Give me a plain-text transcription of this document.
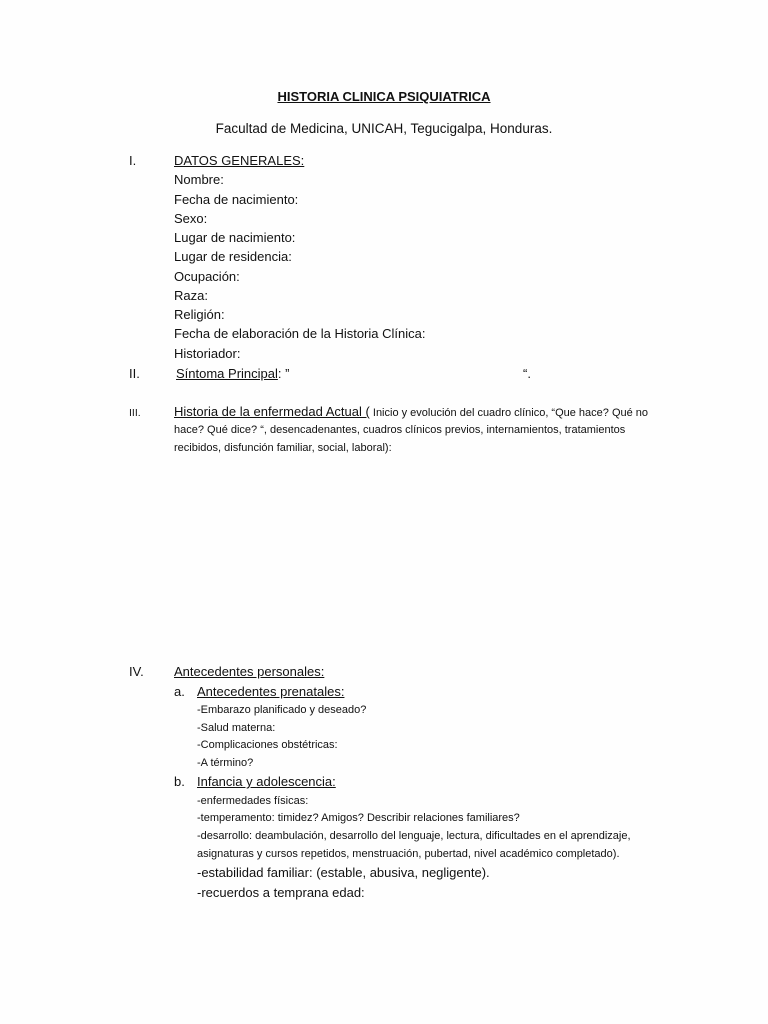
HISTORIA CLINICA PSIQUIATRICA
Facultad de Medicina, UNICAH, Tegucigalpa, Honduras.
I.	DATOS GENERALES:
Nombre:
Fecha de nacimiento:
Sexo:
Lugar de nacimiento:
Lugar de residencia:
Ocupación:
Raza:
Religión:
Fecha de elaboración de la Historia Clínica:
Historiador:
II.	Síntoma Principal: ”	“.
III.	Historia de la enfermedad Actual ( Inicio y evolución del cuadro clínico, “Que hace? Qué no
hace? Qué dice? “, desencadenantes, cuadros clínicos previos, internamientos, tratamientos
recibidos, disfunción familiar, social, laboral):
IV. Antecedentes personales:
a. Antecedentes prenatales:
-Embarazo planificado y deseado?
-Salud materna:
-Complicaciones obstétricas:
-A término?
b. Infancia y adolescencia:
-enfermedades físicas:
-temperamento: timidez? Amigos? Describir relaciones familiares?
-desarrollo: deambulación, desarrollo del lenguaje, lectura, dificultades en el aprendizaje,
asignaturas y cursos repetidos, menstruación, pubertad, nivel académico completado).
-estabilidad familiar: (estable, abusiva, negligente).
-recuerdos a temprana edad:
